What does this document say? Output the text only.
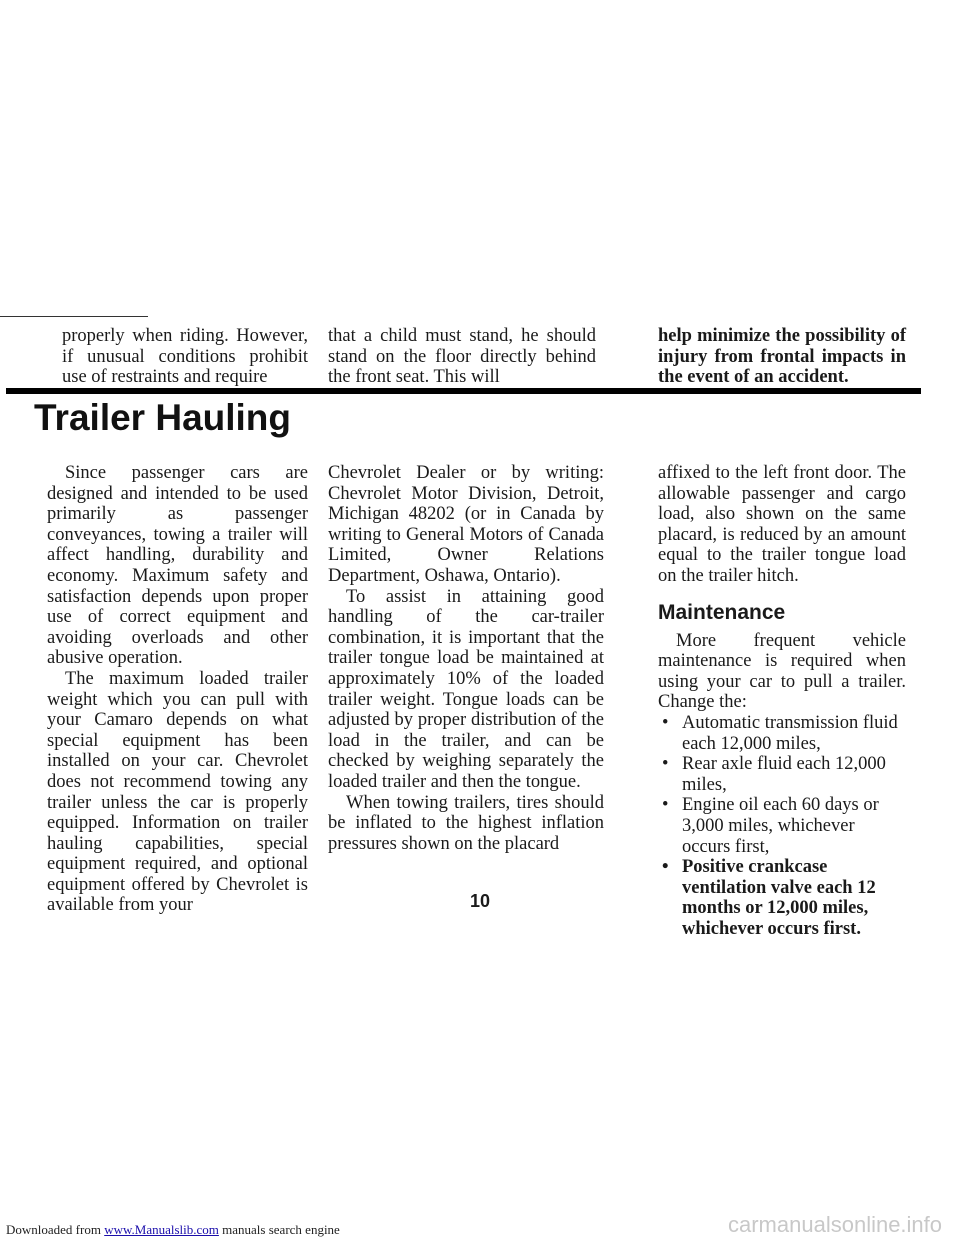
properly when riding. However, if unusual conditions prohibit use of restraints and require

that a child must stand, he should stand on the floor directly behind the front seat. This will

help minimize the possibility of injury from frontal impacts in the event of an accident.

Trailer Hauling

Since passenger cars are designed and intended to be used primarily as passenger conveyances, towing a trailer will affect handling, durability and economy. Maximum safety and satisfaction depends upon proper use of correct equipment and avoiding overloads and other abusive operation.

The maximum loaded trailer weight which you can pull with your Camaro depends on what special equipment has been installed on your car. Chevrolet does not recommend towing any trailer unless the car is properly equipped. Information on trailer hauling capabilities, special equipment required, and optional equipment offered by Chevrolet is available from your

Chevrolet Dealer or by writing: Chevrolet Motor Division, Detroit, Michigan 48202 (or in Canada by writing to General Motors of Canada Limited, Owner Relations Department, Oshawa, Ontario).

To assist in attaining good handling of the car-trailer combination, it is important that the trailer tongue load be maintained at approximately 10% of the loaded trailer weight. Tongue loads can be adjusted by proper distribution of the load in the trailer, and can be checked by weighing separately the loaded trailer and then the tongue.

When towing trailers, tires should be inflated to the highest inflation pressures shown on the placard

affixed to the left front door. The allowable passenger and cargo load, also shown on the same placard, is reduced by an amount equal to the trailer tongue load on the trailer hitch.

Maintenance

More frequent vehicle maintenance is required when using your car to pull a trailer. Change the:

• Automatic transmission fluid each 12,000 miles,

• Rear axle fluid each 12,000 miles,

• Engine oil each 60 days or 3,000 miles, whichever occurs first,

• Positive crankcase ventilation valve each 12 months or 12,000 miles, whichever occurs first.

10
Downloaded from www.Manualslib.com manuals search engine	carmanualsonline.info
